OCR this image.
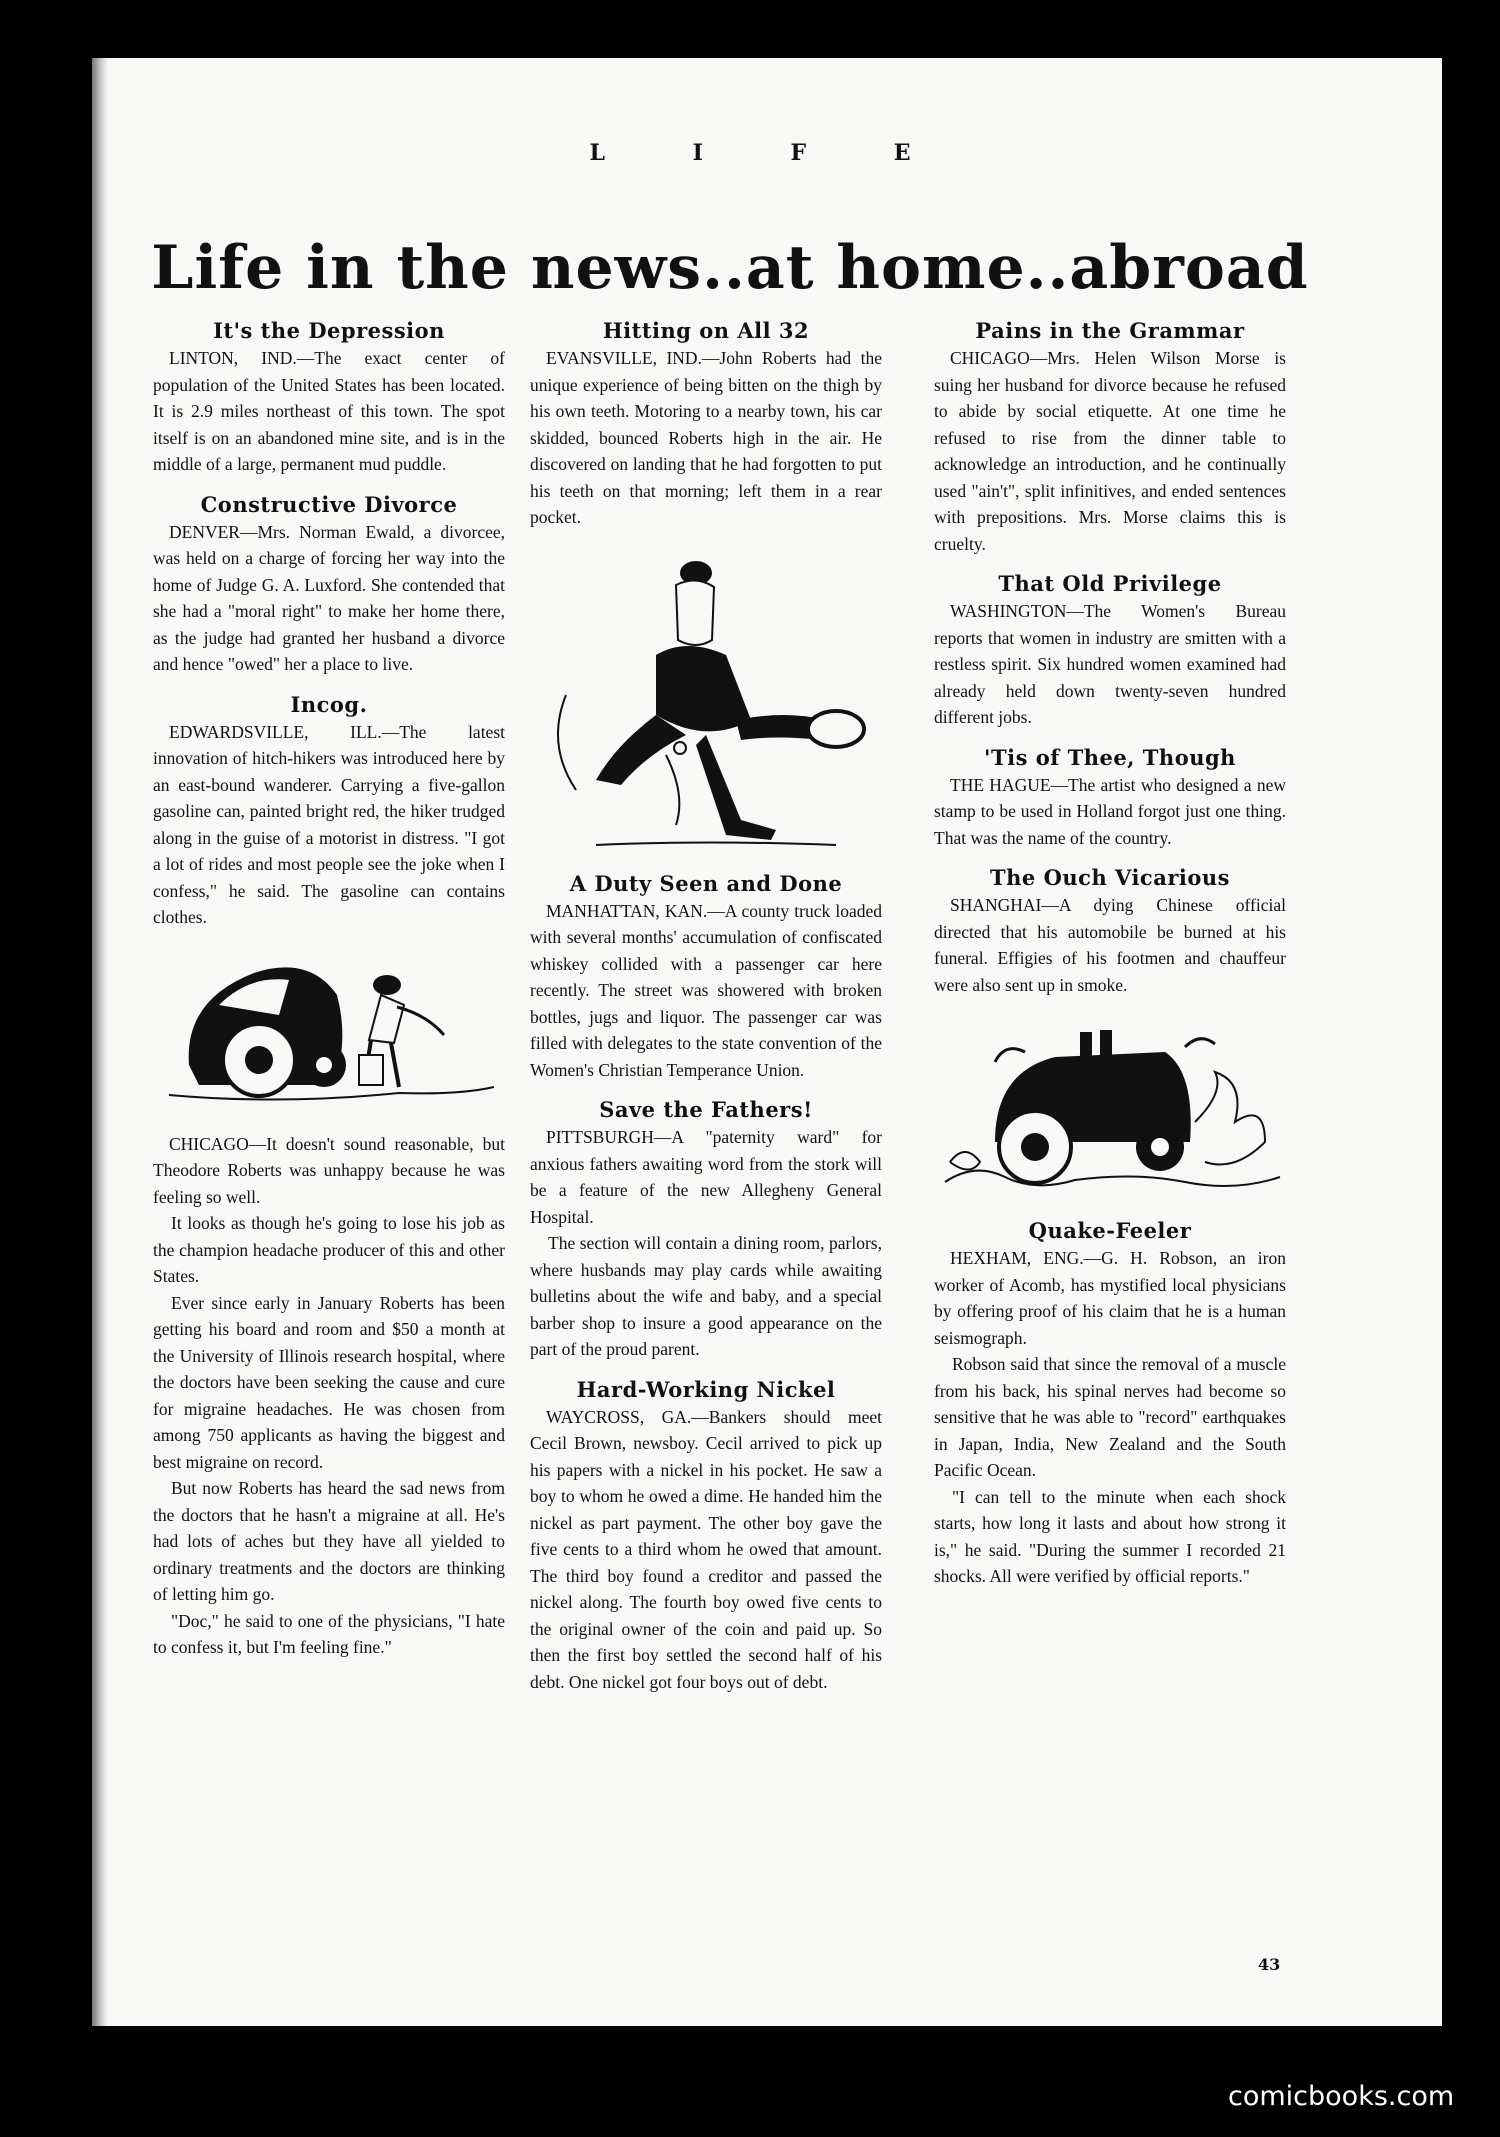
L I F E
Life in the news..at home..abroad
It's the Depression

LINTON, IND.—The exact center of population of the United States has been located. It is 2.9 miles northeast of this town. The spot itself is on an abandoned mine site, and is in the middle of a large, permanent mud puddle.

Constructive Divorce

DENVER—Mrs. Norman Ewald, a divorcee, was held on a charge of forcing her way into the home of Judge G. A. Luxford. She contended that she had a "moral right" to make her home there, as the judge had granted her husband a divorce and hence "owed" her a place to live.

Incog.

EDWARDSVILLE, ILL.—The latest innovation of hitch-hikers was introduced here by an east-bound wanderer. Carrying a five-gallon gasoline can, painted bright red, the hiker trudged along in the guise of a motorist in distress. "I got a lot of rides and most people see the joke when I confess," he said. The gasoline can contains clothes.

CHICAGO—It doesn't sound reasonable, but Theodore Roberts was unhappy because he was feeling so well.

It looks as though he's going to lose his job as the champion headache producer of this and other States.

Ever since early in January Roberts has been getting his board and room and $50 a month at the University of Illinois research hospital, where the doctors have been seeking the cause and cure for migraine headaches. He was chosen from among 750 applicants as having the biggest and best migraine on record.

But now Roberts has heard the sad news from the doctors that he hasn't a migraine at all. He's had lots of aches but they have all yielded to ordinary treatments and the doctors are thinking of letting him go.

"Doc," he said to one of the physicians, "I hate to confess it, but I'm feeling fine."

Hitting on All 32

EVANSVILLE, IND.—John Roberts had the unique experience of being bitten on the thigh by his own teeth. Motoring to a nearby town, his car skidded, bounced Roberts high in the air. He discovered on landing that he had forgotten to put his teeth on that morning; left them in a rear pocket.

A Duty Seen and Done

MANHATTAN, KAN.—A county truck loaded with several months' accumulation of confiscated whiskey collided with a passenger car here recently. The street was showered with broken bottles, jugs and liquor. The passenger car was filled with delegates to the state convention of the Women's Christian Temperance Union.

Save the Fathers!

PITTSBURGH—A "paternity ward" for anxious fathers awaiting word from the stork will be a feature of the new Allegheny General Hospital.

The section will contain a dining room, parlors, where husbands may play cards while awaiting bulletins about the wife and baby, and a special barber shop to insure a good appearance on the part of the proud parent.

Hard-Working Nickel

WAYCROSS, GA.—Bankers should meet Cecil Brown, newsboy. Cecil arrived to pick up his papers with a nickel in his pocket. He saw a boy to whom he owed a dime. He handed him the nickel as part payment. The other boy gave the five cents to a third whom he owed that amount. The third boy found a creditor and passed the nickel along. The fourth boy owed five cents to the original owner of the coin and paid up. So then the first boy settled the second half of his debt. One nickel got four boys out of debt.

Pains in the Grammar

CHICAGO—Mrs. Helen Wilson Morse is suing her husband for divorce because he refused to abide by social etiquette. At one time he refused to rise from the dinner table to acknowledge an introduction, and he continually used "ain't", split infinitives, and ended sentences with prepositions. Mrs. Morse claims this is cruelty.

That Old Privilege

WASHINGTON—The Women's Bureau reports that women in industry are smitten with a restless spirit. Six hundred women examined had already held down twenty-seven hundred different jobs.

'Tis of Thee, Though

THE HAGUE—The artist who designed a new stamp to be used in Holland forgot just one thing. That was the name of the country.

The Ouch Vicarious

SHANGHAI—A dying Chinese official directed that his automobile be burned at his funeral. Effigies of his footmen and chauffeur were also sent up in smoke.

Quake-Feeler

HEXHAM, ENG.—G. H. Robson, an iron worker of Acomb, has mystified local physicians by offering proof of his claim that he is a human seismograph.

Robson said that since the removal of a muscle from his back, his spinal nerves had become so sensitive that he was able to "record" earthquakes in Japan, India, New Zealand and the South Pacific Ocean.

"I can tell to the minute when each shock starts, how long it lasts and about how strong it is," he said. "During the summer I recorded 21 shocks. All were verified by official reports."

43
comicbooks.com
